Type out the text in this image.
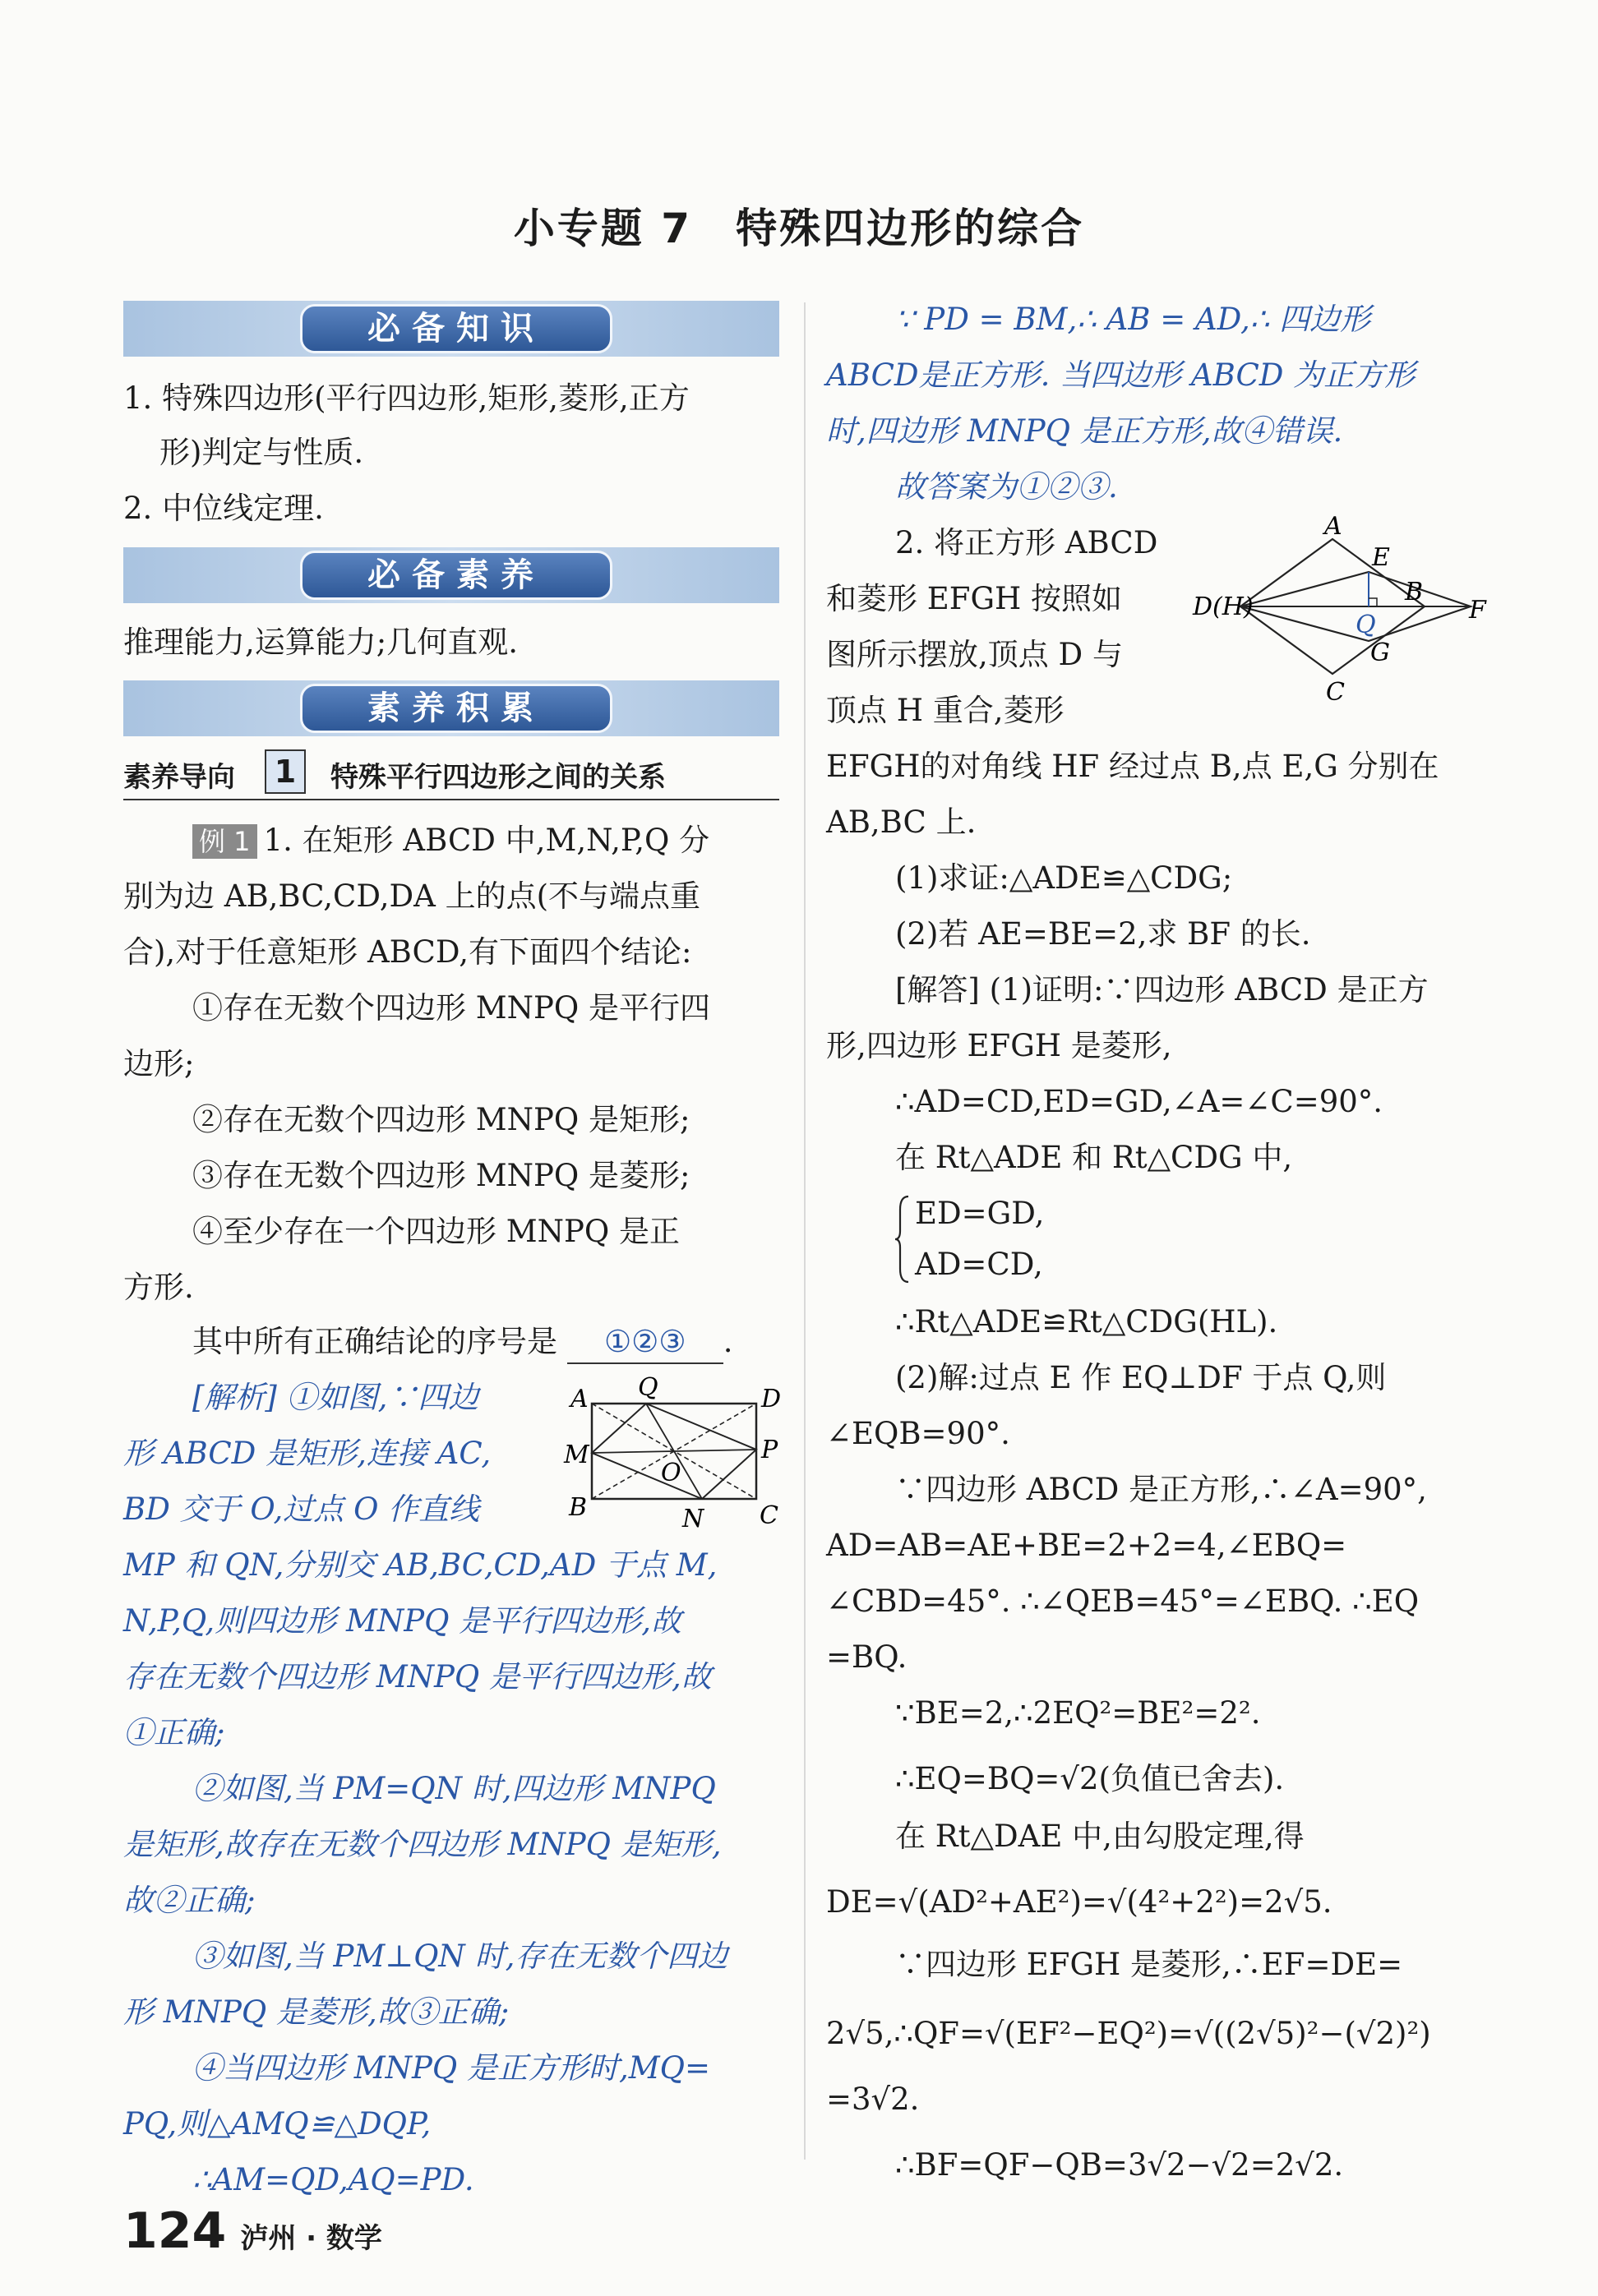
小专题 7　特殊四边形的综合
必备知识
1. 特殊四边形(平行四边形,矩形,菱形,正方
形)判定与性质.
2. 中位线定理.
必备素养
推理能力,运算能力;几何直观.
素养积累
素养导向	1	特殊平行四边形之间的关系
例 1 1. 在矩形 ABCD 中,M,N,P,Q 分
别为边 AB,BC,CD,DA 上的点(不与端点重
合),对于任意矩形 ABCD,有下面四个结论:
①存在无数个四边形 MNPQ 是平行四
边形;
②存在无数个四边形 MNPQ 是矩形;
③存在无数个四边形 MNPQ 是菱形;
④至少存在一个四边形 MNPQ 是正
方形.
其中所有正确结论的序号是 ①②③ .
[解析] ①如图,∵四边
形 ABCD 是矩形,连接 AC,
BD 交于 O,过点 O 作直线
A Q	D
M	P
O
B	N C
MP 和 QN,分别交 AB,BC,CD,AD 于点 M,
N,P,Q,则四边形 MNPQ 是平行四边形,故
存在无数个四边形 MNPQ 是平行四边形,故
①正确;
②如图,当 PM=QN 时,四边形 MNPQ
是矩形,故存在无数个四边形 MNPQ 是矩形,
故②正确;
③如图,当 PM⊥QN 时,存在无数个四边
形 MNPQ 是菱形,故③正确;
④当四边形 MNPQ 是正方形时,MQ=
PQ,则△AMQ≌△DQP,
∴AM=QD,AQ=PD.
∵ PD = BM,∴ AB = AD,∴ 四边形
ABCD是正方形. 当四边形 ABCD 为正方形
时,四边形 MNPQ 是正方形,故④错误.
故答案为①②③.
2. 将正方形 ABCD
和菱形 EFGH 按照如
图所示摆放,顶点 D 与
顶点 H 重合,菱形
A
E
D(H)
B
F
Q
G
C
EFGH的对角线 HF 经过点 B,点 E,G 分别在
AB,BC 上.
(1)求证:△ADE≌△CDG;
(2)若 AE=BE=2,求 BF 的长.
[解答] (1)证明:∵四边形 ABCD 是正方
形,四边形 EFGH 是菱形,
∴AD=CD,ED=GD,∠A=∠C=90°.
在 Rt△ADE 和 Rt△CDG 中,
ED=GD,
AD=CD,
∴Rt△ADE≌Rt△CDG(HL).
(2)解:过点 E 作 EQ⊥DF 于点 Q,则
∠EQB=90°.
∵四边形 ABCD 是正方形,∴∠A=90°,
AD=AB=AE+BE=2+2=4,∠EBQ=
∠CBD=45°. ∴∠QEB=45°=∠EBQ. ∴EQ
=BQ.
∵BE=2,∴2EQ²=BE²=2².
∴EQ=BQ=√2(负值已舍去).
在 Rt△DAE 中,由勾股定理,得
DE=√(AD²+AE²)=√(4²+2²)=2√5.
∵四边形 EFGH 是菱形,∴EF=DE=
2√5,∴QF=√(EF²−EQ²)=√((2√5)²−(√2)²)
=3√2.
∴BF=QF−QB=3√2−√2=2√2.
124 泸州 · 数学
